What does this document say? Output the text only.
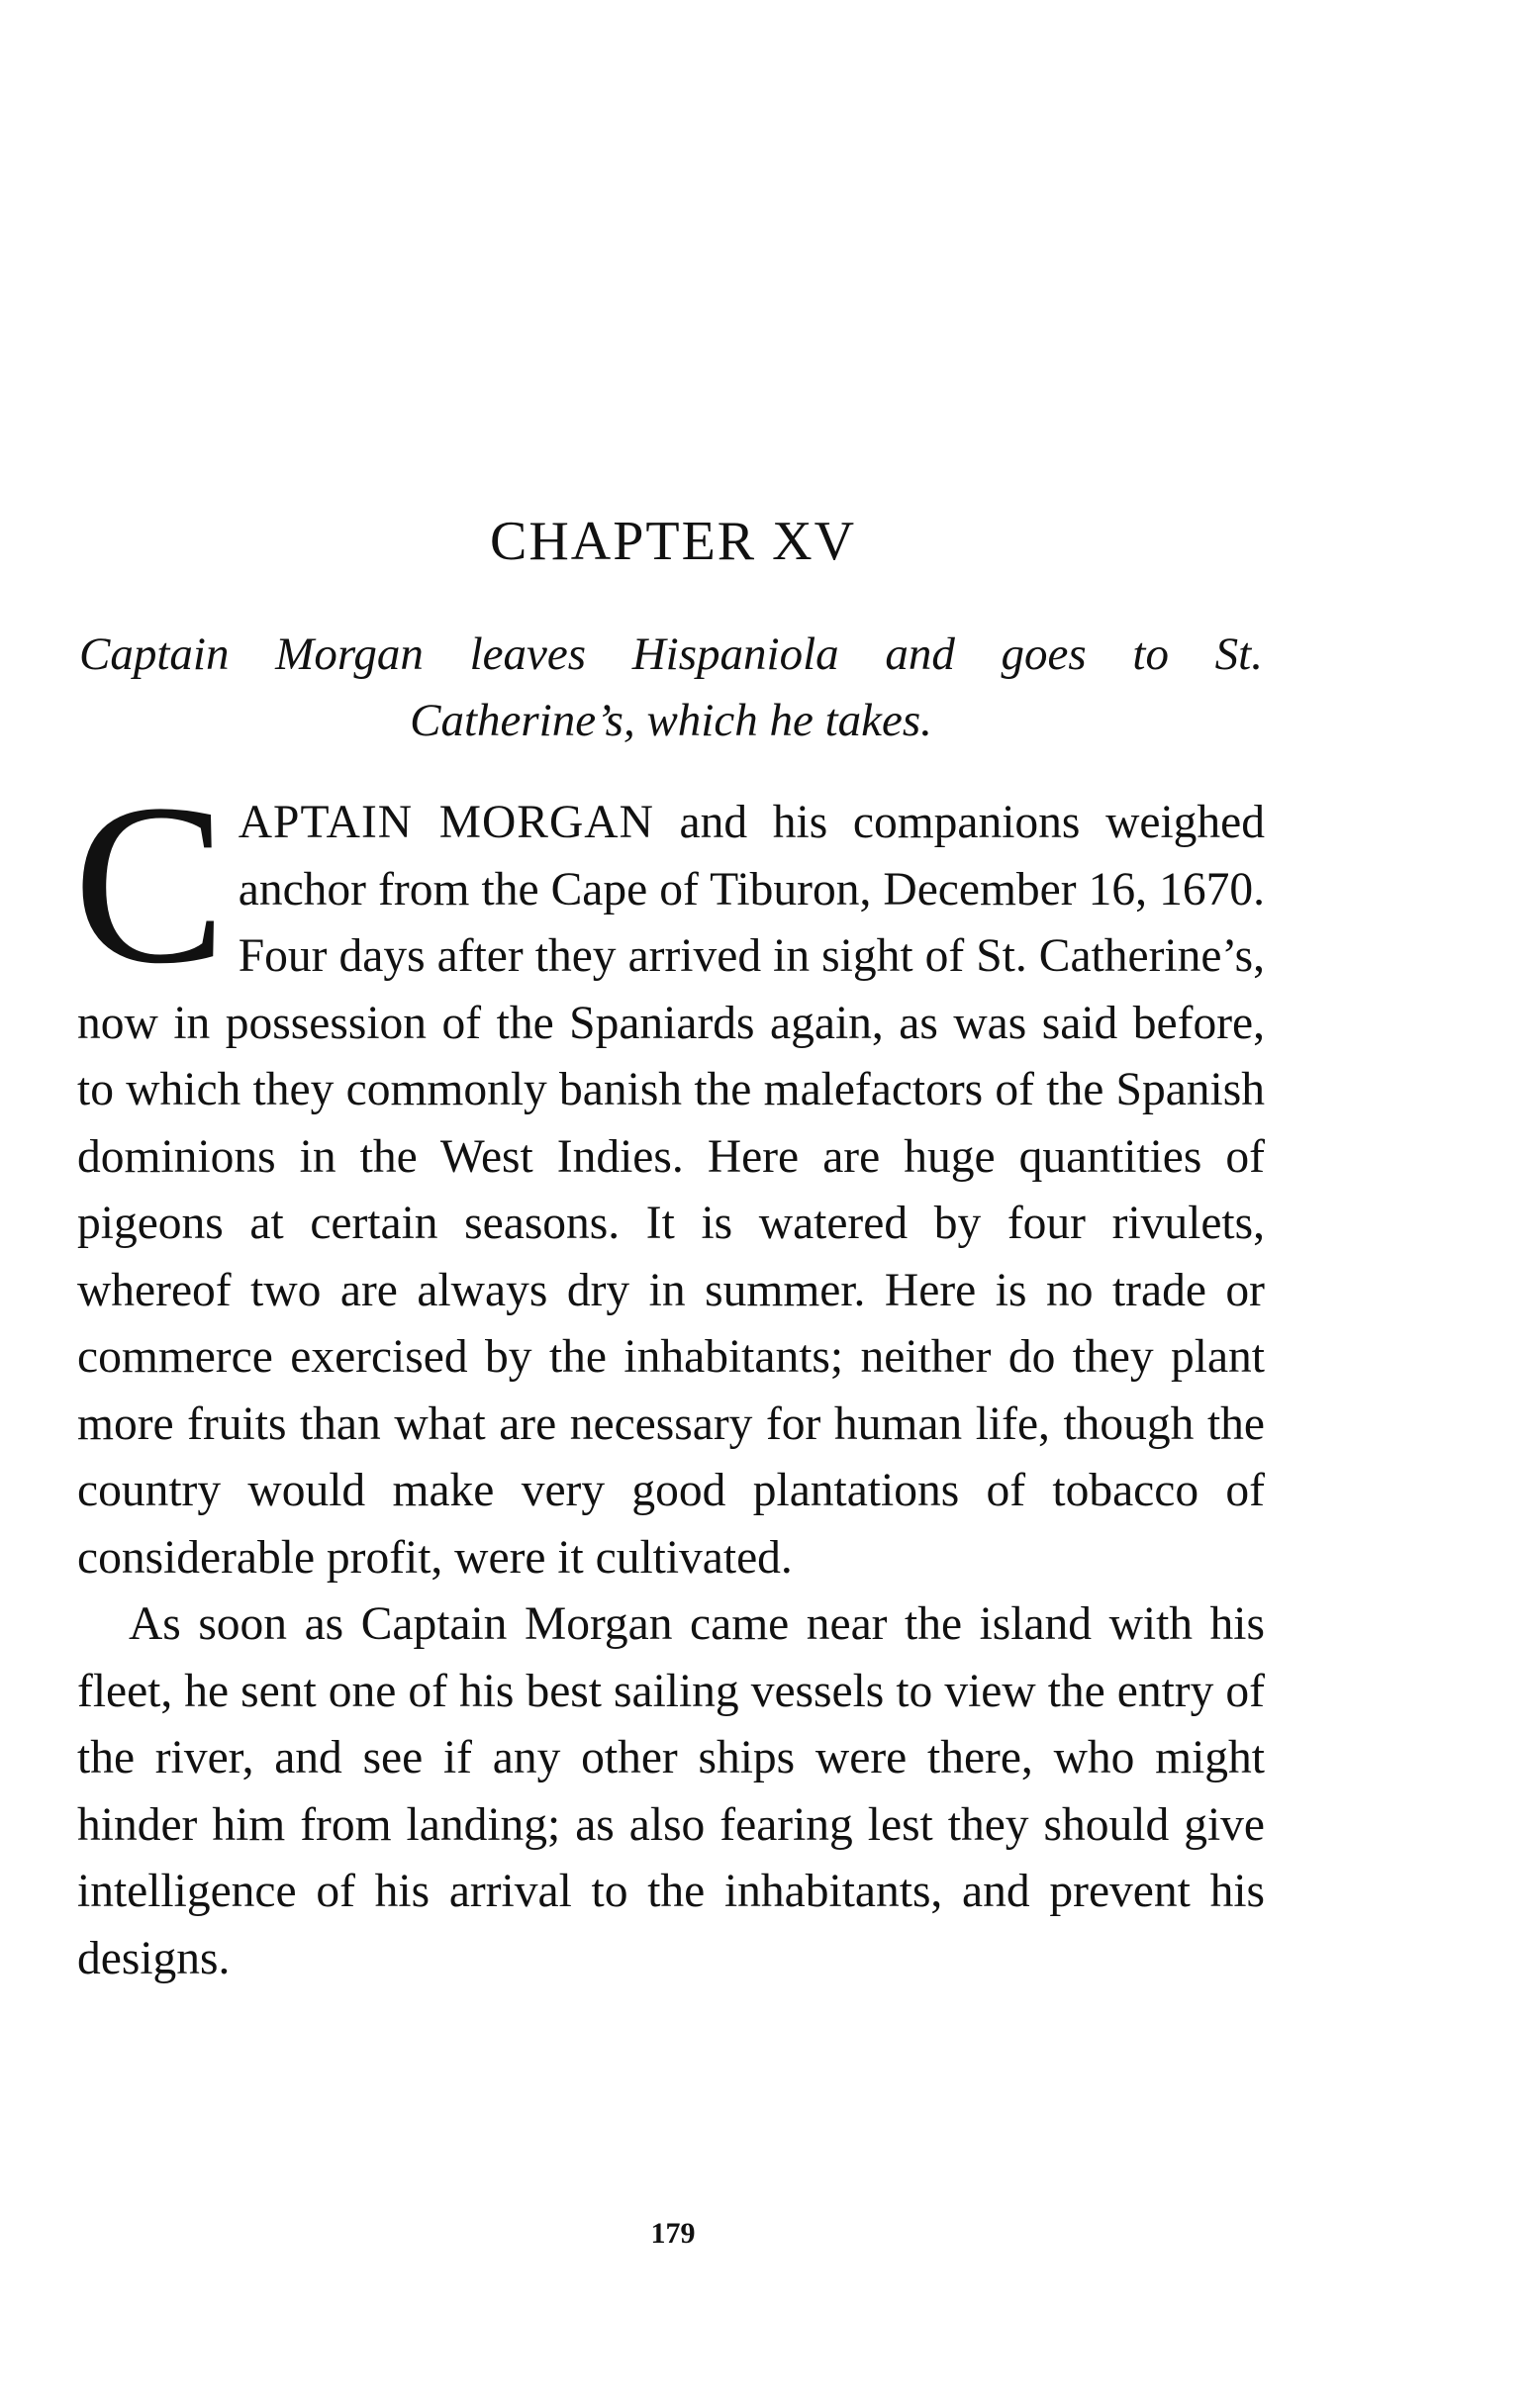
CHAPTER XV
Captain Morgan leaves Hispaniola and goes to St.
Catherine’s, which he takes.

CAPTAIN MORGAN and his companions weighed anchor from the Cape of Tiburon, December 16, 1670. Four days after they arrived in sight of St. Catherine’s, now in possession of the Spaniards again, as was said before, to which they commonly banish the malefactors of the Spanish dominions in the West Indies. Here are huge quantities of pigeons at certain seasons. It is watered by four rivulets, whereof two are always dry in summer. Here is no trade or commerce exercised by the inhabitants; neither do they plant more fruits than what are necessary for human life, though the country would make very good plantations of tobacco of considerable profit, were it cultivated.

As soon as Captain Morgan came near the island with his fleet, he sent one of his best sailing vessels to view the entry of the river, and see if any other ships were there, who might hinder him from landing; as also fearing lest they should give intelligence of his arrival to the inhabitants, and prevent his designs.

179
